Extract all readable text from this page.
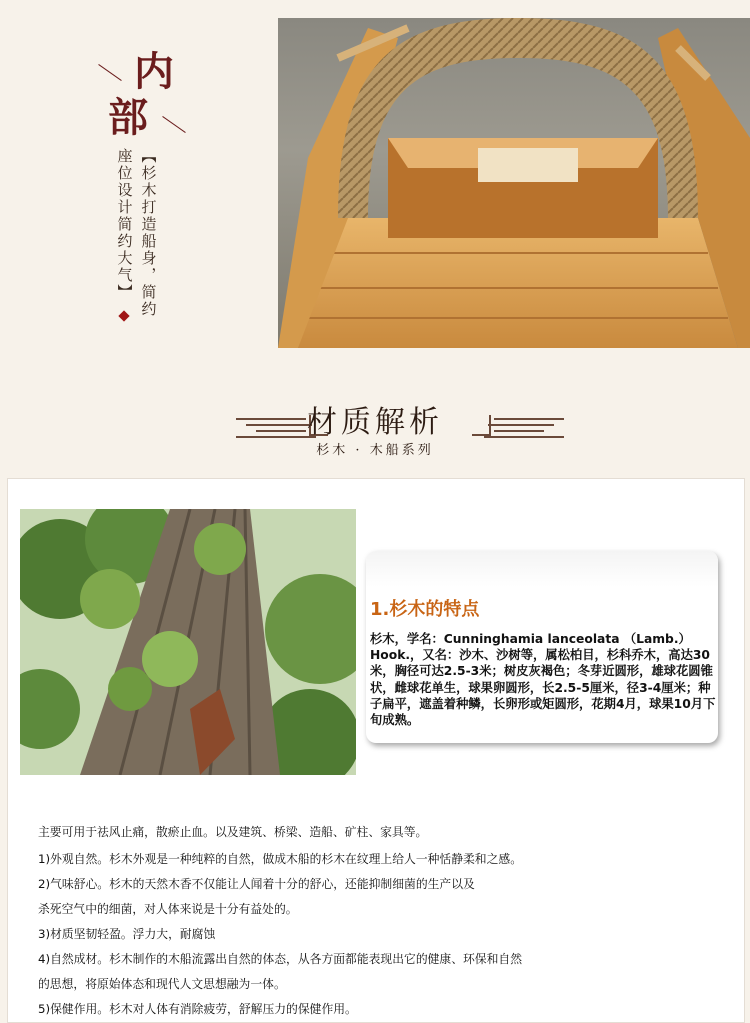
内
部
【杉木打造船身，简约
座位设计简约大气】
材质解析
杉木 · 木船系列
1.杉木的特点
杉木，学名：Cunninghamia lanceolata （Lamb.）Hook.，又名：沙木、沙树等，属松柏目，杉科乔木，高达30米，胸径可达2.5-3米；树皮灰褐色；冬芽近圆形，雄球花圆锥状，雌球花单生，球果卵圆形，长2.5-5厘米，径3-4厘米；种子扁平，遮盖着种鳞，长卵形或矩圆形，花期4月，球果10月下旬成熟。
主要可用于祛风止痛，散瘀止血。以及建筑、桥梁、造船、矿柱、家具等。
1)外观自然。杉木外观是一种纯粹的自然，做成木船的杉木在纹理上给人一种恬静柔和之感。
2)气味舒心。杉木的天然木香不仅能让人闻着十分的舒心，还能抑制细菌的生产以及
杀死空气中的细菌，对人体来说是十分有益处的。
3)材质坚韧轻盈。浮力大，耐腐蚀
4)自然成材。杉木制作的木船流露出自然的体态，从各方面都能表现出它的健康、环保和自然
的思想，将原始体态和现代人文思想融为一体。
5)保健作用。杉木对人体有消除疲劳，舒解压力的保健作用。
